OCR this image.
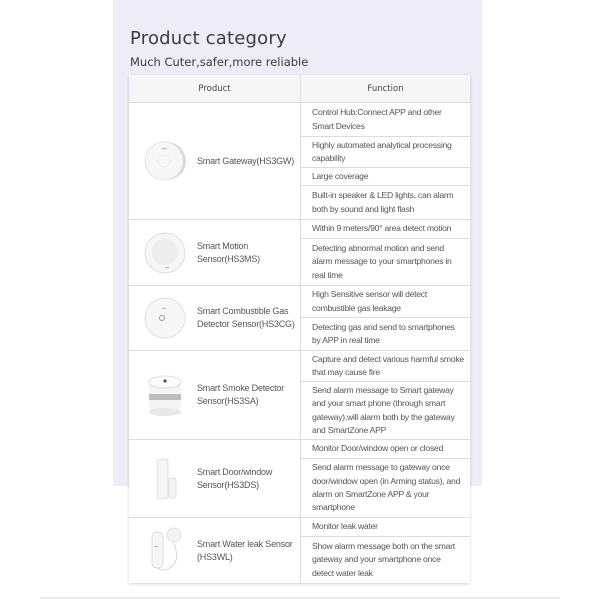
Product category
Much Cuter,safer,more reliable
Product	Function
Smart Gateway(HS3GW)
Control Hub:Connect APP and other Smart Devices
Highly automated analytical processing capability
Large coverage
Built-in speaker & LED lights, can alarm both by sound and light flash
Smart Motion Sensor(HS3MS)
Within 9 meters/90° area detect motion
Detecting abnormal motion and send alarm message to your smartphones in real time
Smart Combustible Gas Detector Sensor(HS3CG)
High Sensitive sensor will detect combustible gas leakage
Detecting gas and send to smartphones by APP in real time
Smart Smoke Detector Sensor(HS3SA)
Capture and detect various harmful smoke that may cause fire
Send alarm message to Smart gateway and your smart phone (through smart gateway),will alarm both by the gateway and SmartZone APP
Smart Door/window Sensor(HS3DS)
Monitor Door/window open or closed
Send alarm message to gateway once door/window open (in Arming status), and alarm on SmartZone APP & your smartphone
Smart Water leak Sensor (HS3WL)
Monitor leak water
Show alarm message both on the smart gateway and your smartphone once detect water leak
